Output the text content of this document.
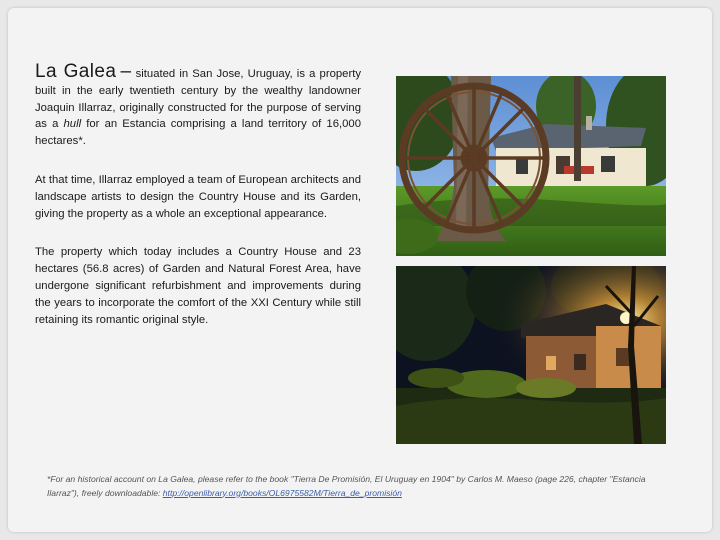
La Galea – situated in San Jose, Uruguay, is a property built in the early twentieth century by the wealthy landowner Joaquin Illarraz, originally constructed for the purpose of serving as a hull for an Estancia comprising a land territory of 16,000 hectares*.

At that time, Illarraz employed a team of European architects and landscape artists to design the Country House and its Garden, giving the property as a whole an exceptional appearance.

The property which today includes a Country House and 23 hectares (56.8 acres) of Garden and Natural Forest Area, have undergone significant refurbishment and improvements during the years to incorporate the comfort of the XXI Century while still retaining its romantic original style.

*For an historical account on La Galea, please refer to the book "Tierra De Promisión, El Uruguay en 1904" by Carlos M. Maeso (page 226, chapter "Estancia Ilarraz"), freely downloadable: http://openlibrary.org/books/OL6975582M/Tierra_de_promisión
